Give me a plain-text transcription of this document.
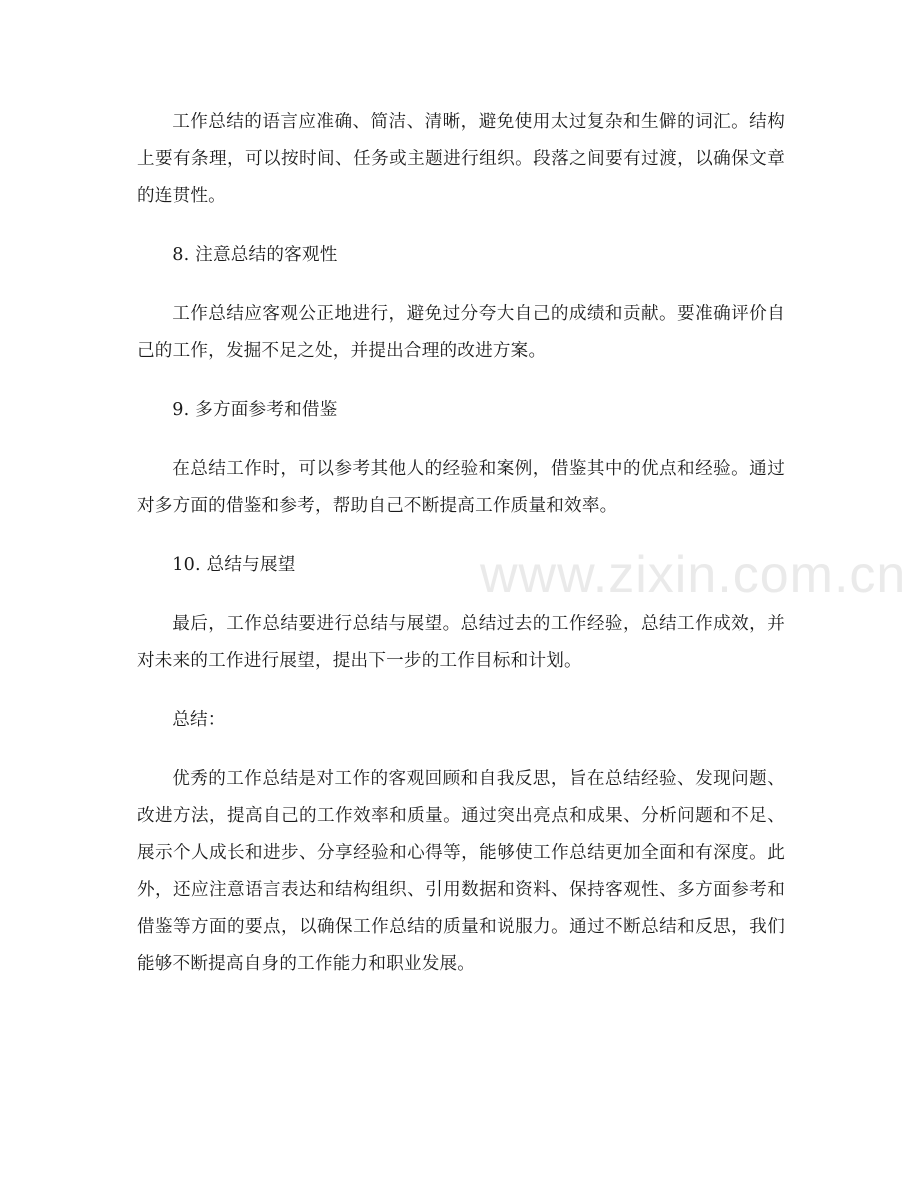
工作总结的语言应准确、简洁、清晰，避免使用太过复杂和生僻的词汇。结构上要有条理，可以按时间、任务或主题进行组织。段落之间要有过渡，以确保文章的连贯性。

8. 注意总结的客观性

工作总结应客观公正地进行，避免过分夸大自己的成绩和贡献。要准确评价自己的工作，发掘不足之处，并提出合理的改进方案。

9. 多方面参考和借鉴

在总结工作时，可以参考其他人的经验和案例，借鉴其中的优点和经验。通过对多方面的借鉴和参考，帮助自己不断提高工作质量和效率。

10. 总结与展望

最后，工作总结要进行总结与展望。总结过去的工作经验，总结工作成效，并对未来的工作进行展望，提出下一步的工作目标和计划。

总结：

优秀的工作总结是对工作的客观回顾和自我反思，旨在总结经验、发现问题、改进方法，提高自己的工作效率和质量。通过突出亮点和成果、分析问题和不足、展示个人成长和进步、分享经验和心得等，能够使工作总结更加全面和有深度。此外，还应注意语言表达和结构组织、引用数据和资料、保持客观性、多方面参考和借鉴等方面的要点，以确保工作总结的质量和说服力。通过不断总结和反思，我们能够不断提高自身的工作能力和职业发展。

www.zixin.com.cn
